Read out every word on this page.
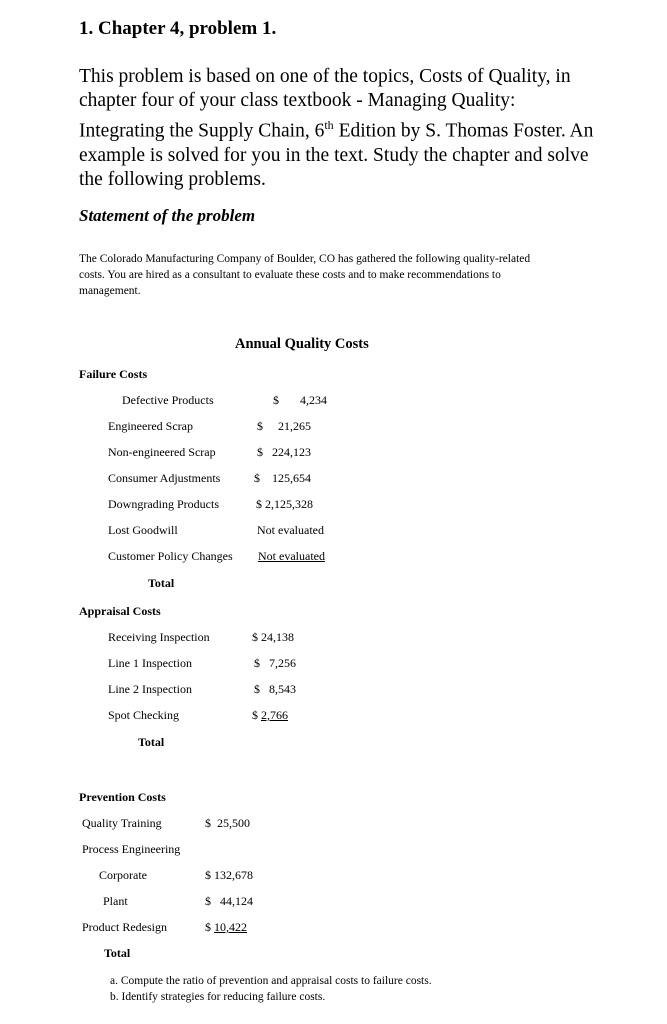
1. Chapter 4, problem 1.
This problem is based on one of the topics, Costs of Quality, in chapter four of your class textbook - Managing Quality: Integrating the Supply Chain, 6th Edition by S. Thomas Foster. An example is solved for you in the text. Study the chapter and solve the following problems.
Statement of the problem
The Colorado Manufacturing Company of Boulder, CO has gathered the following quality-related costs. You are hired as a consultant to evaluate these costs and to make recommendations to management.
Annual Quality Costs
Failure Costs
Defective Products	$       4,234
Engineered Scrap	$     21,265
Non-engineered Scrap	$   224,123
Consumer Adjustments	$    125,654
Downgrading Products	$ 2,125,328
Lost Goodwill	Not evaluated
Customer Policy Changes Not evaluated
Total
Appraisal Costs
Receiving Inspection	$ 24,138
Line 1 Inspection	$   7,256
Line 2 Inspection	$   8,543
Spot Checking	$ 2,766
Total
Prevention Costs
Quality Training	$  25,500
Process Engineering
Corporate	$ 132,678
Plant	$   44,124
Product Redesign	$ 10,422
Total
a. Compute the ratio of prevention and appraisal costs to failure costs.
b. Identify strategies for reducing failure costs.
